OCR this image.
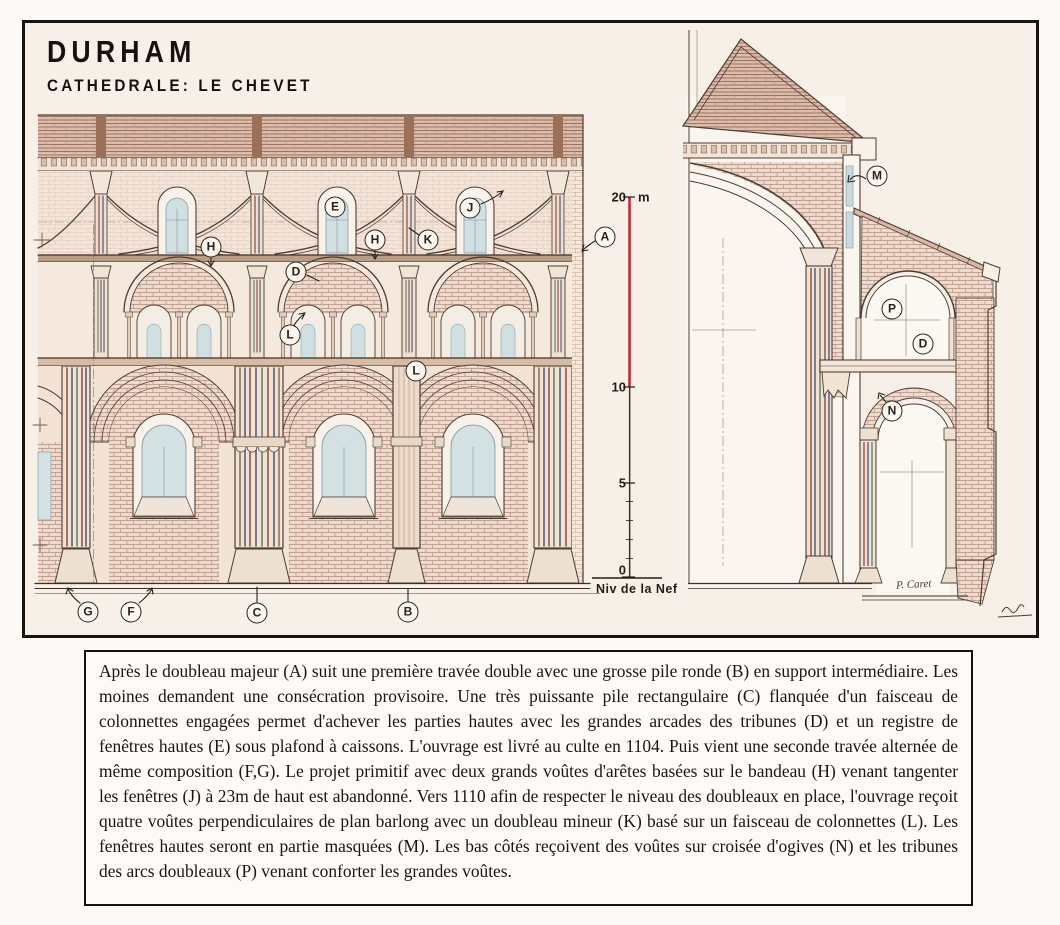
DURHAM
CATHEDRALE: LE CHEVET
H
E
H	K
J
D
L
L
A
G	F	C	B
M
P
D
N
20
10
5
0
m
Niv de la Nef	P. Caret

Après le doubleau majeur (A) suit une première travée double avec une grosse pile ronde (B) en support intermédiaire. Les moines demandent une consécration provisoire. Une très puissante pile rectangulaire (C) flanquée d'un faisceau de colonnettes engagées permet d'achever les parties hautes avec les grandes arcades des tribunes (D) et un registre de fenêtres hautes (E) sous plafond à caissons. L'ouvrage est livré au culte en 1104. Puis vient une seconde travée alternée de même composition (F,G). Le projet primitif avec deux grands voûtes d'arêtes basées sur le bandeau (H) venant tangenter les fenêtres (J) à 23m de haut est abandonné. Vers 1110 afin de respecter le niveau des doubleaux en place, l'ouvrage reçoit quatre voûtes perpendiculaires de plan barlong avec un doubleau mineur (K) basé sur un faisceau de colonnettes (L). Les fenêtres hautes seront en partie masquées (M). Les bas côtés reçoivent des voûtes sur croisée d'ogives (N) et les tribunes des arcs doubleaux (P) venant conforter les grandes voûtes.
